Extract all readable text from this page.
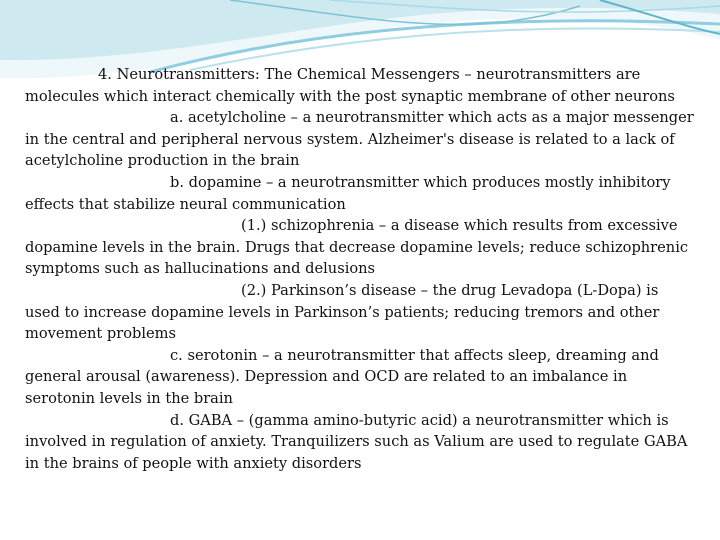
4. Neurotransmitters: The Chemical Messengers – neurotransmitters are molecules which interact chemically with the post synaptic membrane of other neurons

a. acetylcholine – a neurotransmitter which acts as a major messenger in the central and peripheral nervous system. Alzheimer's disease is related to a lack of acetylcholine production in the brain

b. dopamine – a neurotransmitter which produces mostly inhibitory effects that stabilize neural communication

(1.) schizophrenia – a disease which results from excessive dopamine levels in the brain. Drugs that decrease dopamine levels; reduce schizophrenic symptoms such as hallucinations and delusions

(2.) Parkinson’s disease – the drug Levadopa (L-Dopa) is used to increase dopamine levels in Parkinson’s patients; reducing tremors and other movement problems

c. serotonin – a neurotransmitter that affects sleep, dreaming and general arousal (awareness). Depression and OCD are related to an imbalance in serotonin levels in the brain

d. GABA – (gamma amino-butyric acid) a neurotransmitter which is involved in regulation of anxiety. Tranquilizers such as Valium are used to regulate GABA in the brains of people with anxiety disorders
